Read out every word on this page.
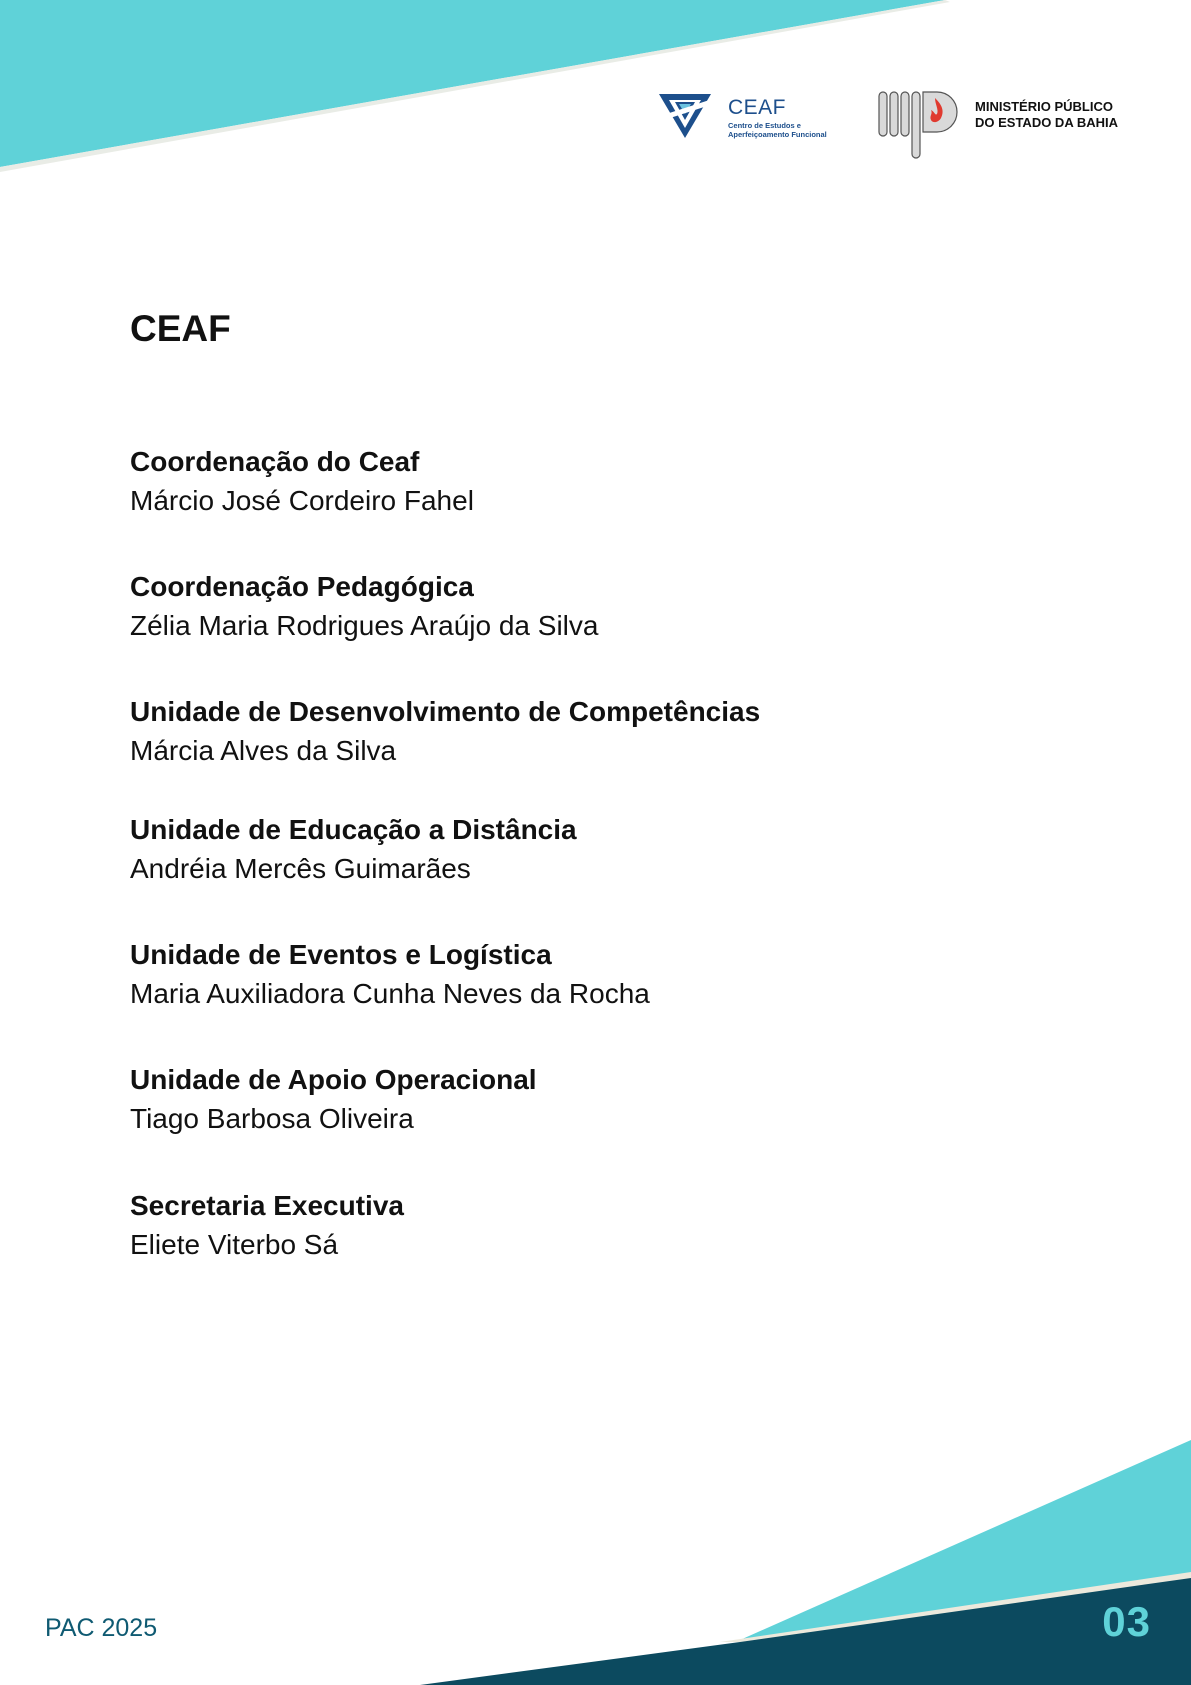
CEAF
Centro de Estudos e
Aperfeiçoamento Funcional
MINISTÉRIO PÚBLICO
DO ESTADO DA BAHIA
CEAF
Coordenação do Ceaf
Márcio José Cordeiro Fahel
Coordenação Pedagógica
Zélia Maria Rodrigues Araújo da Silva
Unidade de Desenvolvimento de Competências
Márcia Alves da Silva
Unidade de Educação a Distância
Andréia Mercês Guimarães
Unidade de Eventos e Logística
Maria Auxiliadora Cunha Neves da Rocha
Unidade de Apoio Operacional
Tiago Barbosa Oliveira
Secretaria Executiva
Eliete Viterbo Sá
PAC 2025	03
